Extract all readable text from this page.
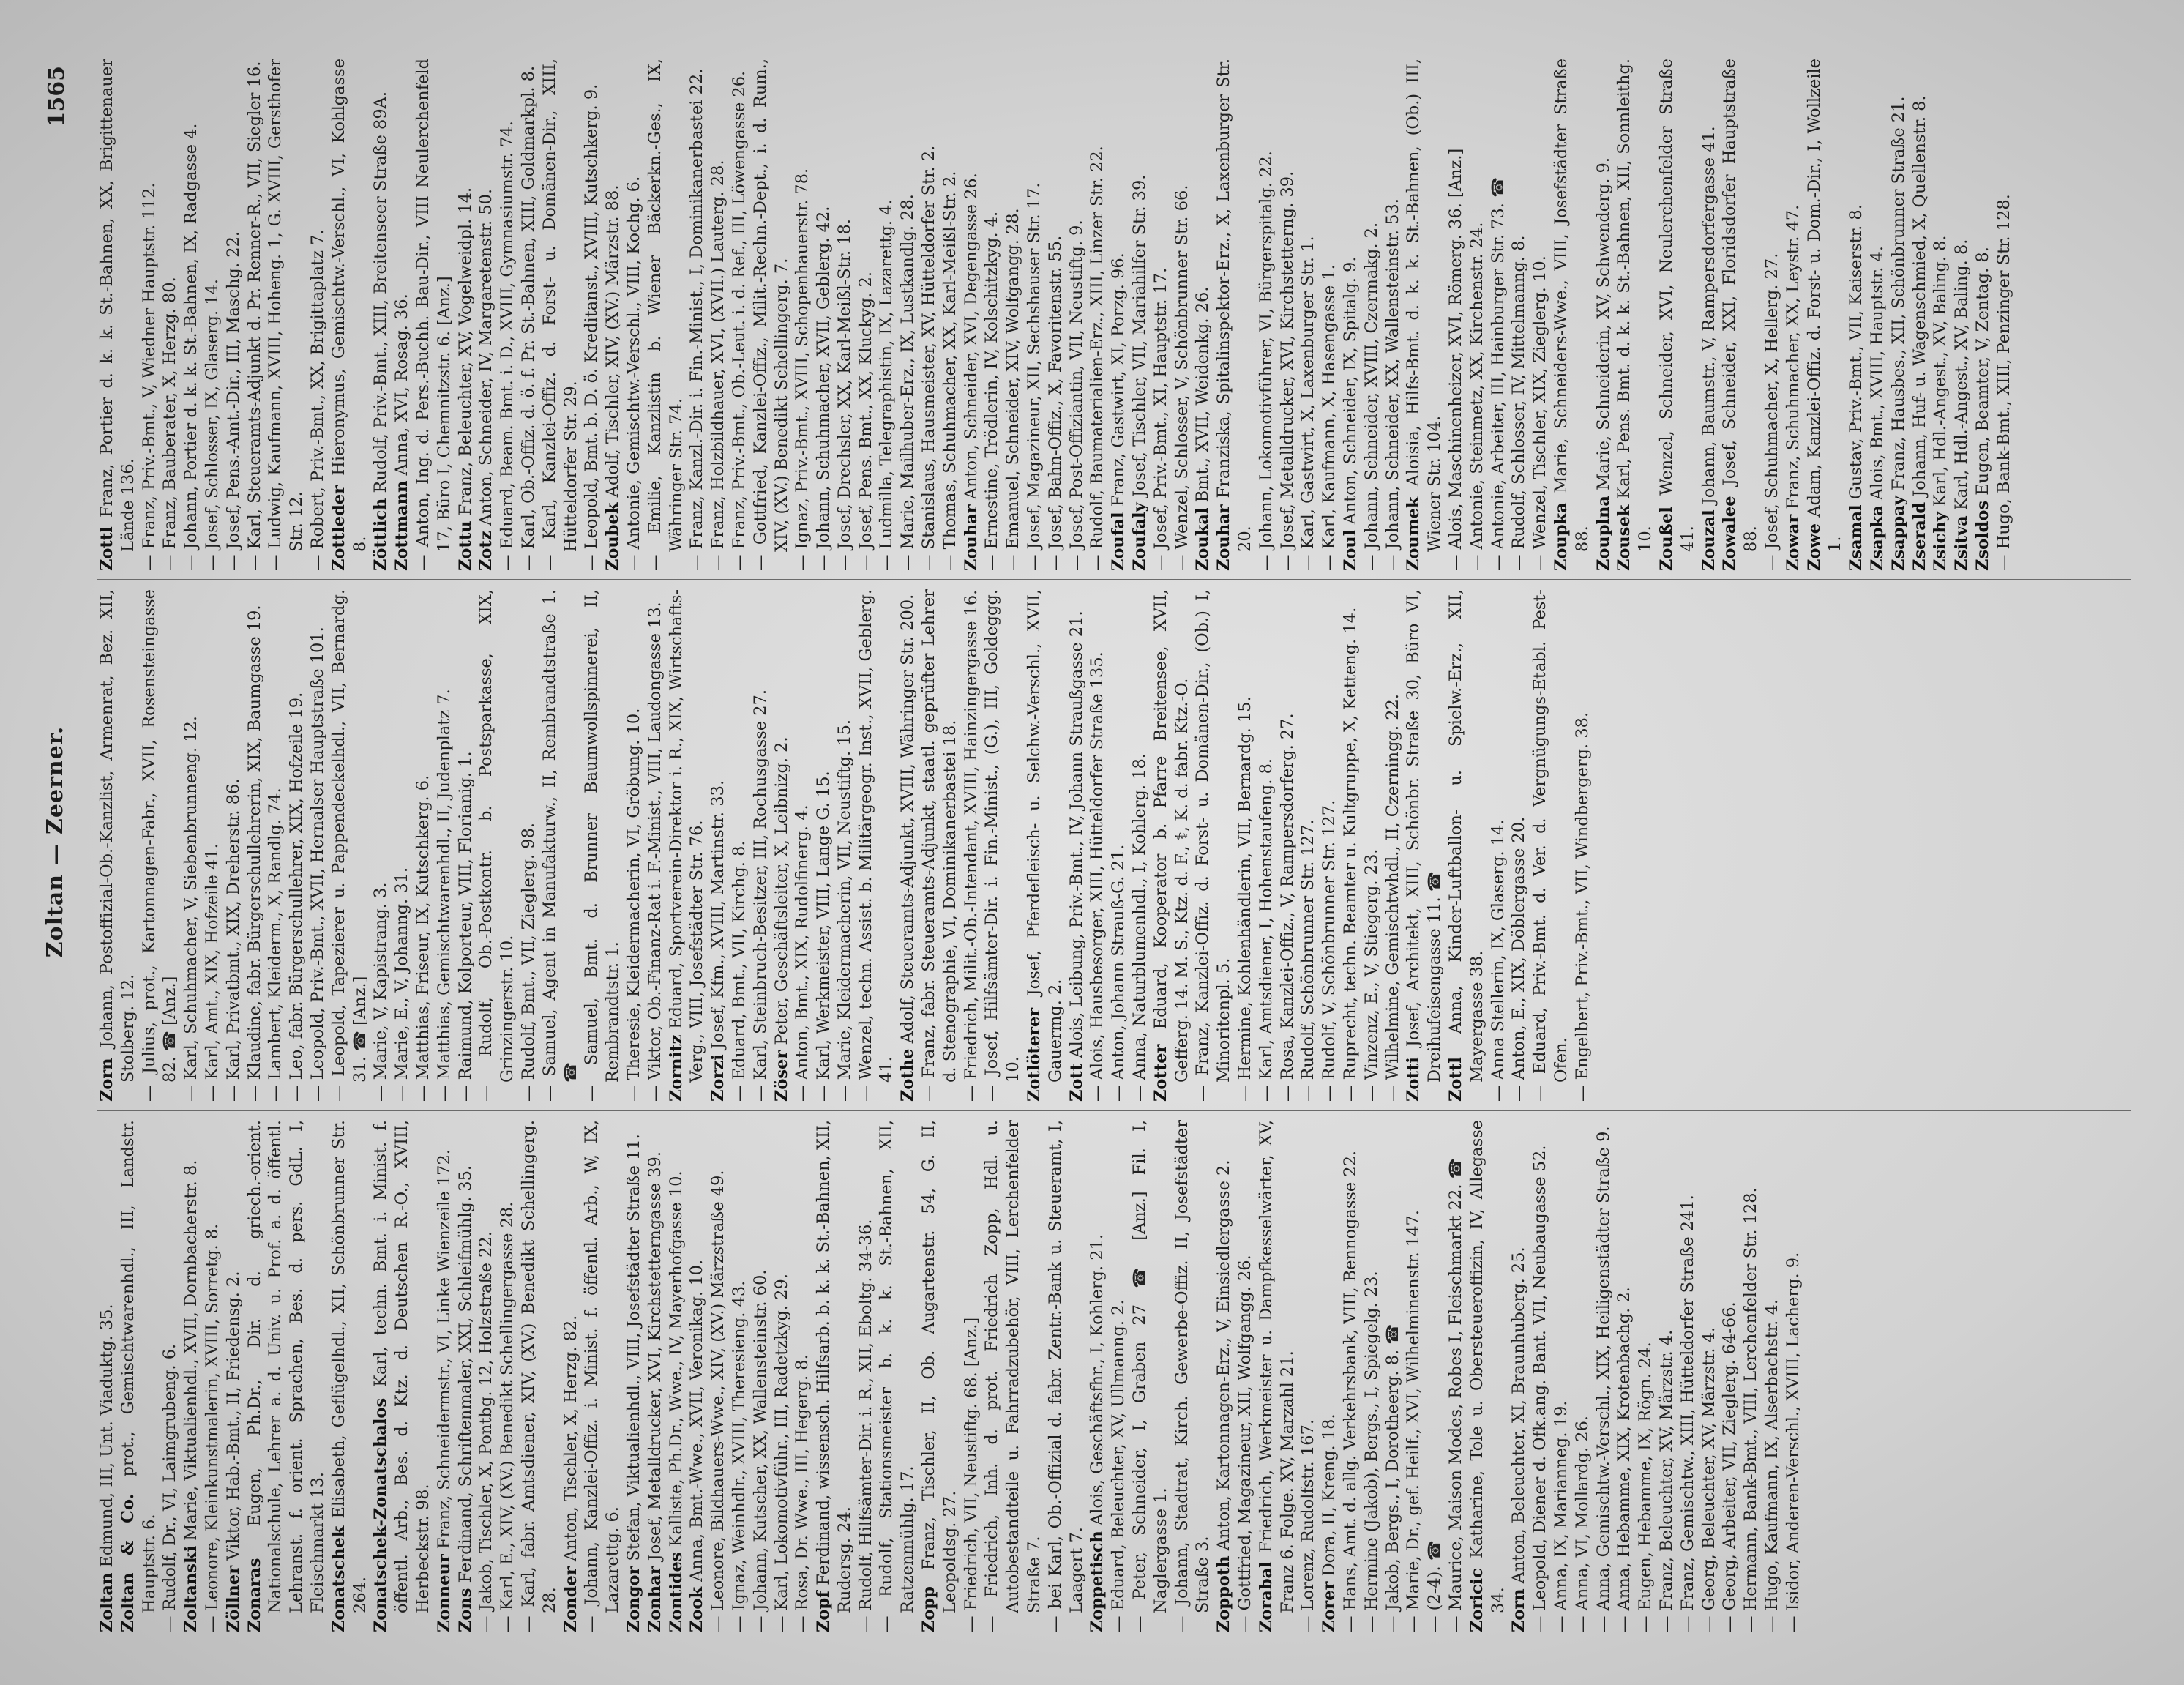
Zoltan — Zeerner.
1565

Zoltan Edmund, III, Unt. Viaduktg. 35. Zoltan & Co. prot., Gemischtwarenhdl., III, Landstr. Hauptstr. 6. — Rudolf, Dr., VI, Laimgrubeng. 6. Zoltanski Marie, Viktualienhdl., XVII, Dornbacherstr. 8. — Leonore, Kleinkunstmalerin, XVIII, Sorretg. 8. Zöllner Viktor, Hab.-Bmt., II, Friedensg. 2.

Zonaras Eugen, Ph.Dr., Dir. d. griech.-orient. Nationalschule, Lehrer a. d. Univ. u. Prof. a. d. öffentl. Lehranst. f. orient. Sprachen, Bes. d. pers. GdL. I, Fleischmarkt 13. Zonatschek Elisabeth, Geflügelhdl., XII, Schönbrunner Str. 264. Zonatschek-Zonatschalos Karl, techn. Bmt. i. Minist. f. öffentl. Arb., Bes. d. Ktz. d. Deutschen R.-O., XVIII, Herbeckstr. 98. Zonneur Franz, Schneidermstr., VI, Linke Wienzeile 172.

Zons Ferdinand, Schriftenmaler, XXI, Schleifmühlg. 35. — Jakob, Tischler, X, Pontbg. 12, Holzstraße 22. — Karl, E., XIV, (XV.) Benedikt Schellingergasse 28. — Karl, fabr. Amtsdiener, XIV, (XV.) Benedikt Schellingerg. 28. Zonder Anton, Tischler, X, Herzg. 82. — Johann, Kanzlei-Offiz. i. Minist. f. öffentl. Arb., W, IX, Lazarettg. 6. Zongor Stefan, Viktualienhdl., VIII, Josefstädter Straße 11.

Zonhar Josef, Metalldrucker, XVI, Kirchstetterngasse 39.

Zontides Kalliste, Ph.Dr., Wwe., IV, Mayerhofgasse 10.

Zook Anna, Bmt.-Wwe., XVII, Veronikag. 10. — Leonore, Bildhauers-Wwe., XIV, (XV.) Märzstraße 49. — Ignaz, Weinhdlr., XVIII, Theresieng. 43. — Johann, Kutscher, XX, Wallensteinstr. 60. — Karl, Lokomotivführ., III, Radetzkyg. 29. — Rosa, Dr. Wwe., III, Hegerg. 8. Zopf Ferdinand, wissensch. Hilfsarb. b. k. k. St.-Bahnen, XII, Rudersg. 24. — Rudolf, Hilfsämter-Dir. i. R., XII, Eboltg. 34-36. — Rudolf, Stationsmeister b. k. k. St.-Bahnen, XII, Ratzenmühlg. 17. Zopp Franz, Tischler, II, Ob. Augartenstr. 54, G. II, Leopoldsg. 27. — Friedrich, VII, Neustiftg. 68. [Anz.] — Friedrich, Inh. d. prot. Friedrich Zopp, Hdl. u. Autobestandteile u. Fahrradzubehör, VIII, Lerchenfelder Straße 7. — bei Karl, Ob.-Offizial d. fabr. Zentr.-Bank u. Steueramt, I, Laagert 7. Zoppetisch Alois, Geschäftsfhr., I, Kohlerg. 21. — Eduard, Beleuchter, XV, Ullmanng. 2. — Peter, Schneider, I, Graben 27 ☎ [Anz.] Fil. I, Naglergasse 1. — Johann, Stadtrat, Kirch. Gewerbe-Offiz. II, Josefstädter Straße 3. Zoppoth Anton, Kartonnagen-Erz., V, Einsiedlergasse 2. — Gottfried, Magazineur, XII, Wolfgangg. 26. Zorabal Friedrich, Werkmeister u. Dampfkesselwärter, XV, Franz 6. Folge. XV, Marzahl 21. — Lorenz, Rudolfstr. 167. Zorer Dora, II, Kreng. 18. — Hans, Amt. d. allg. Verkehrsbank, VIII, Bennogasse 22. — Hermine (Jakob), Bergs., I, Spiegelg. 23. — Jakob, Bergs., I, Dorotheerg. 8. ☎ — Marie, Dr., gef. Heilf., XVI, Wilhelminenstr. 147. — (2-4). ☎ — Maurice, Maison Modes, Robes I, Fleischmarkt 22. ☎ Zoricic Katharine, Tole u. Obersteueroffizin, IV, Allegasse 34. Zorn Anton, Beleuchter, XI, Braunhuberg. 25. — Leopold, Diener d. Ofk.ang. Bant. VII, Neubaugasse 52. — Anna, IX, Marianneg. 19. — Anna, VI, Mollardg. 26. — Anna, Gemischtw.-Verschl., XIX, Heiligenstädter Straße 9. — Anna, Hebamme, XIX, Krotenbachg. 2. — Eugen, Hebamme, IX, Rögn. 24. — Franz, Beleuchter, XV, Märzstr. 4. — Franz, Gemischtw., XIII, Hütteldorfer Straße 241. — Georg, Beleuchter, XV, Märzstr. 4. — Georg, Arbeiter, VII, Zieglerg. 64-66. — Hermann, Bank-Bmt., VIII, Lerchenfelder Str. 128. — Hugo, Kaufmann, IX, Alserbachstr. 4. — Isidor, Anderen-Verschl., XVIII, Lacherg. 9.

Zorn Johann, Postoffizial-Ob.-Kanzlist, Armenrat, Bez. XII, Stolberg. 12. — Julius, prot., Kartonnagen-Fabr., XVII, Rosensteingasse 82. ☎ [Anz.] — Karl, Schuhmacher, V, Siebenbrunneng. 12. — Karl, Amt., XIX, Hofzeile 41. — Karl, Privatbmt., XIX, Dreherstr. 86. — Klaudine, fabr. Bürgerschullehrerin, XIX, Baumgasse 19. — Lambert, Kleiderm., X, Randlg. 74. — Leo, fabr. Bürgerschullehrer, XIX, Hofzeile 19. — Leopold, Priv.-Bmt., XVII, Hernalser Hauptstraße 101. — Leopold, Tapezierer u. Pappendeckelhdl., VII, Bernardg. 31. ☎ [Anz.] — Marie, V, Kapistrang. 3. — Marie, E., V, Johanng. 31. — Matthias, Friseur, IX, Kutschkerg. 6. — Matthias, Gemischtwarenhdl., II, Judenplatz 7. — Raimund, Kolporteur, VIII, Florianig. 1. — Rudolf, Ob.-Postkontr. b. Postsparkasse, XIX, Grinzingerstr. 10. — Rudolf, Bmt., VII, Zieglerg. 98. — Samuel, Agent in Manufakturw., II, Rembrandtstraße 1. ☎ — Samuel, Bmt. d. Brunner Baumwollspinnerei, II, Rembrandtstr. 1. — Theresie, Kleidermacherin, VI, Gröbung. 10. — Viktor, Ob.-Finanz-Rat i. F.-Minist., VIII, Laudongasse 13. Zornitz Eduard, Sportverein-Direktor i. R., XIX, Wirtschafts-Verg., VIII, Josefstädter Str. 76. Zorzi Josef, Kfm., XVIII, Martinstr. 33. — Eduard, Bmt., VII, Kirchg. 8. — Karl, Steinbruch-Besitzer, III, Rochusgasse 27. Zöser Peter, Geschäftsleiter, X, Leibnizg. 2. — Anton, Bmt., XIX, Rudolfinerg. 4. — Karl, Werkmeister, VIII, Lange G. 15. — Marie, Kleidermacherin, VII, Neustiftg. 15. — Wenzel, techn. Assist. b. Militärgeogr. Inst., XVII, Geblerg. 41. Zothe Adolf, Steueramts-Adjunkt, XVIII, Währinger Str. 200. — Franz, fabr. Steueramts-Adjunkt, staatl. geprüfter Lehrer d. Stenographie, VI, Dominikanerbastei 18. — Friedrich, Milit.-Ob.-Intendant, XVIII, Hainzingergasse 16. — Josef, Hilfsämter-Dir. i. Fin.-Minist., (G.), III, Goldeggg. 10. Zotlöterer Josef, Pferdefleisch- u. Selchw.-Verschl., XVII, Gauermg. 2. Zott Alois, Leibung, Priv.-Bmt., IV, Johann Straußgasse 21. — Alois, Hausbesorger, XIII, Hütteldorfer Straße 135. — Anton, Johann Strauß-G. 21. — Anna, Naturblumenhdl., I, Kohlerg. 18. Zotter Eduard, Kooperator b. Pfarre Breitensee, XVII, Gefferg. 14. M. S., Ktz. d. F., ⚕, K. d. fabr. Ktz.-O. — Franz, Kanzlei-Offiz. d. Forst- u. Domänen-Dir., (Ob.) I, Minoritenpl. 5. — Hermine, Kohlenhändlerin, VII, Bernardg. 15. — Karl, Amtsdiener, I, Hohenstaufeng. 8. — Rosa, Kanzlei-Offiz., V, Rampersdorferg. 27. — Rudolf, Schönbrunner Str. 127. — Rudolf, V, Schönbrunner Str. 127. — Ruprecht, techn. Beamter u. Kultgruppe, X, Ketteng. 14. — Vinzenz, E., V, Stiegerg. 23. — Wilhelmine, Gemischtwhdl., II, Czerningg. 22. Zotti Josef, Architekt, XIII, Schönbr. Straße 30, Büro VI, Dreihufeisengasse 11. ☎ Zottl Anna, Kinder-Luftballon- u. Spielw.-Erz., XII, Mayergasse 38. — Anna Stellerin, IX, Glaserg. 14. — Anton, E., XIX, Döblergasse 20. — Eduard, Priv.-Bmt. d. Ver. d. Vergnügungs-Etabl. Pest-Ofen. — Engelbert, Priv.-Bmt., VII, Windbergerg. 38.

Zottl Franz, Portier d. k. k. St.-Bahnen, XX, Brigittenauer Lände 136. — Franz, Priv.-Bmt., V, Wiedner Hauptstr. 112. — Franz, Bauberater, X, Herzg. 80. — Johann, Portier d. k. k. St.-Bahnen, IX, Radgasse 4. — Josef, Schlosser, IX, Glaserg. 14. — Josef, Pens.-Amt.-Dir., III, Maschg. 22. — Karl, Steueramts-Adjunkt d. Pr. Renner-R., VII, Siegler 16. — Ludwig, Kaufmann, XVIII, Hoheng. 1, G. XVIII, Gersthofer Str. 12. — Robert, Priv.-Bmt., XX, Brigittaplatz 7. Zottleder Hieronymus, Gemischtw.-Verschl., VI, Kohlgasse 8. Zöttlich Rudolf, Priv.-Bmt., XIII, Breitenseer Straße 89A.

Zottmann Anna, XVI, Rosag. 36. — Anton, Ing. d. Pers.-Buchh. Bau-Dir., VIII Neulerchenfeld 17, Büro I, Chemnitzstr. 6. [Anz.] Zottu Franz, Beleuchter, XV, Vogelweidpl. 14.

Zotz Anton, Schneider, IV, Margaretenstr. 50. — Eduard, Beam. Bmt. i. D., XVIII, Gymnasiumstr. 74. — Karl, Ob.-Offiz. d. ö. f. Pr. St.-Bahnen, XIII, Goldmarkpl. 8. — Karl, Kanzlei-Offiz. d. Forst- u. Domänen-Dir., XIII, Hütteldorfer Str. 29. — Leopold, Bmt. b. D. ö. Kreditanst., XVIII, Kutschkerg. 9. Zoubek Adolf, Tischler, XIV, (XV.) Märzstr. 88. — Antonie, Gemischtw.-Verschl., VIII, Kochg. 6. — Emilie, Kanzlistin b. Wiener Bäckerkn.-Ges., IX, Währinger Str. 74. — Franz, Kanzl.-Dir. i. Fin.-Minist., I, Dominikanerbastei 22. — Franz, Holzbildhauer, XVI, (XVII.) Lauterg. 28. — Franz, Priv.-Bmt., Ob.-Leut. i. d. Ref., III, Löwengasse 26. — Gottfried, Kanzlei-Offiz., Milit.-Rechn.-Dept., i. d. Rum., XIV, (XV.) Benedikt Schellingerg. 7. — Ignaz, Priv.-Bmt., XVIII, Schopenhauerstr. 78. — Johann, Schuhmacher, XVII, Geblerg. 42. — Josef, Drechsler, XX, Karl-Meißl-Str. 18. — Josef, Pens. Bmt., XX, Kluckyg. 2. — Ludmilla, Telegraphistin, IX, Lazarettg. 4. — Marie, Mailhuber-Erz., IX, Lustkandlg. 28. — Stanislaus, Hausmeister, XV, Hütteldorfer Str. 2. — Thomas, Schuhmacher, XX, Karl-Meißl-Str. 2. Zouhar Anton, Schneider, XVI, Degengasse 26. — Ernestine, Trödlerin, IV, Kolschitzkyg. 4. — Emanuel, Schneider, XIV, Wolfgangg. 28. — Josef, Magazineur, XII, Sechshauser Str. 17. — Josef, Bahn-Offiz., X, Favoritenstr. 55. — Josef, Post-Offiziantin, VII, Neustiftg. 9. — Rudolf, Baumaterialien-Erz., XIII, Linzer Str. 22. Zoufal Franz, Gastwirt, XI, Porzg. 96.

Zoufaly Josef, Tischler, VII, Mariahilfer Str. 39. — Josef, Priv.-Bmt., XI, Hauptstr. 17. — Wenzel, Schlosser, V, Schönbrunner Str. 66. Zoukal Bmt., XVII, Weidenkg. 26.

Zouhar Franziska, Spitalinspektor-Erz., X, Laxenburger Str. 20. — Johann, Lokomotivführer, VI, Bürgerspitalg. 22. — Josef, Metalldrucker, XVI, Kirchstetterng. 39. — Karl, Gastwirt, X, Laxenburger Str. 1. — Karl, Kaufmann, X, Hasengasse 1. Zoul Anton, Schneider, IX, Spitalg. 9. — Johann, Schneider, XVIII, Czermakg. 2. — Johann, Schneider, XX, Wallensteinstr. 53. Zoumek Aloisia, Hilfs-Bmt. d. k. k. St.-Bahnen, (Ob.) III, Wiener Str. 104. — Alois, Maschinenheizer, XVI, Römerg. 36. [Anz.] — Antonie, Steinmetz, XX, Kirchenstr. 24. — Antonie, Arbeiter, III, Hainburger Str. 73. ☎ — Rudolf, Schlosser, IV, Mittelmanng. 8. — Wenzel, Tischler, XIX, Zieglerg. 10. Zoupka Marie, Schneiders-Wwe., VIII, Josefstädter Straße 88. Zouplna Marie, Schneiderin, XV, Schwenderg. 9.

Zousek Karl, Pens. Bmt. d. k. k. St.-Bahnen, XII, Sonnleithg. 10. Zoußel Wenzel, Schneider, XVI, Neulerchenfelder Straße 41. Zouzal Johann, Baumstr., V, Rampersdorfergasse 41.

Zowalee Josef, Schneider, XXI, Floridsdorfer Hauptstraße 88. — Josef, Schuhmacher, X, Hellerg. 27. Zowar Franz, Schuhmacher, XX, Leystr. 47.

Zowe Adam, Kanzlei-Offiz. d. Forst- u. Dom.-Dir., I, Wollzeile 1. Zsamal Gustav, Priv.-Bmt., VII, Kaiserstr. 8.

Zsapka Alois, Bmt., XVIII, Hauptstr. 4.

Zsappay Franz, Hausbes., XII, Schönbrunner Straße 21.

Zserald Johann, Huf- u. Wagenschmied, X, Quellenstr. 8.

Zsichy Karl, Hdl.-Angest., XV, Baling. 8.

Zsitva Karl, Hdl.-Angest., XV, Baling. 8.

Zsoldos Eugen, Beamter, V, Zentag. 8. — Hugo, Bank-Bmt., XIII, Penzinger Str. 128.
